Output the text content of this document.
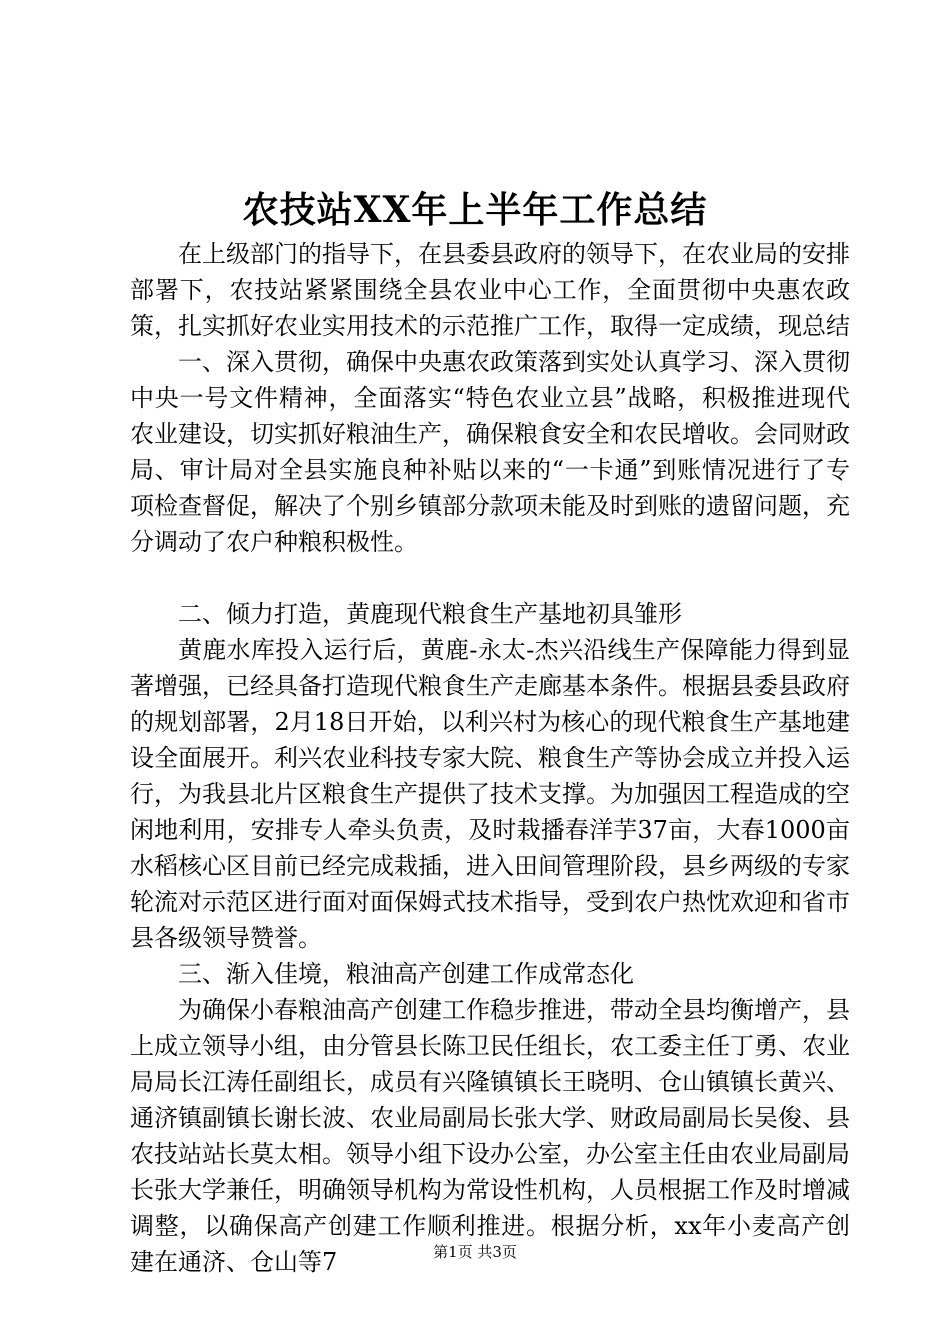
农技站XX年上半年工作总结

在上级部门的指导下，在县委县政府的领导下，在农业局的安排部署下，农技站紧紧围绕全县农业中心工作，全面贯彻中央惠农政策，扎实抓好农业实用技术的示范推广工作，取得一定成绩，现总结

一、深入贯彻，确保中央惠农政策落到实处认真学习、深入贯彻中央一号文件精神，全面落实“特色农业立县”战略，积极推进现代农业建设，切实抓好粮油生产，确保粮食安全和农民增收。会同财政局、审计局对全县实施良种补贴以来的“一卡通”到账情况进行了专项检查督促，解决了个别乡镇部分款项未能及时到账的遗留问题，充分调动了农户种粮积极性。

二、倾力打造，黄鹿现代粮食生产基地初具雏形

黄鹿水库投入运行后，黄鹿-永太-杰兴沿线生产保障能力得到显著增强，已经具备打造现代粮食生产走廊基本条件。根据县委县政府的规划部署，2月18日开始，以利兴村为核心的现代粮食生产基地建设全面展开。利兴农业科技专家大院、粮食生产等协会成立并投入运行，为我县北片区粮食生产提供了技术支撑。为加强因工程造成的空闲地利用，安排专人牵头负责，及时栽播春洋芋37亩，大春1000亩水稻核心区目前已经完成栽插，进入田间管理阶段，县乡两级的专家轮流对示范区进行面对面保姆式技术指导，受到农户热忱欢迎和省市县各级领导赞誉。

三、渐入佳境，粮油高产创建工作成常态化

为确保小春粮油高产创建工作稳步推进，带动全县均衡增产，县上成立领导小组，由分管县长陈卫民任组长，农工委主任丁勇、农业局局长江涛任副组长，成员有兴隆镇镇长王晓明、仓山镇镇长黄兴、通济镇副镇长谢长波、农业局副局长张大学、财政局副局长吴俊、县农技站站长莫太相。领导小组下设办公室，办公室主任由农业局副局长张大学兼任，明确领导机构为常设性机构，人员根据工作及时增减调整，以确保高产创建工作顺利推进。根据分析，xx年小麦高产创建在通济、仓山等7	第1页 共3页
